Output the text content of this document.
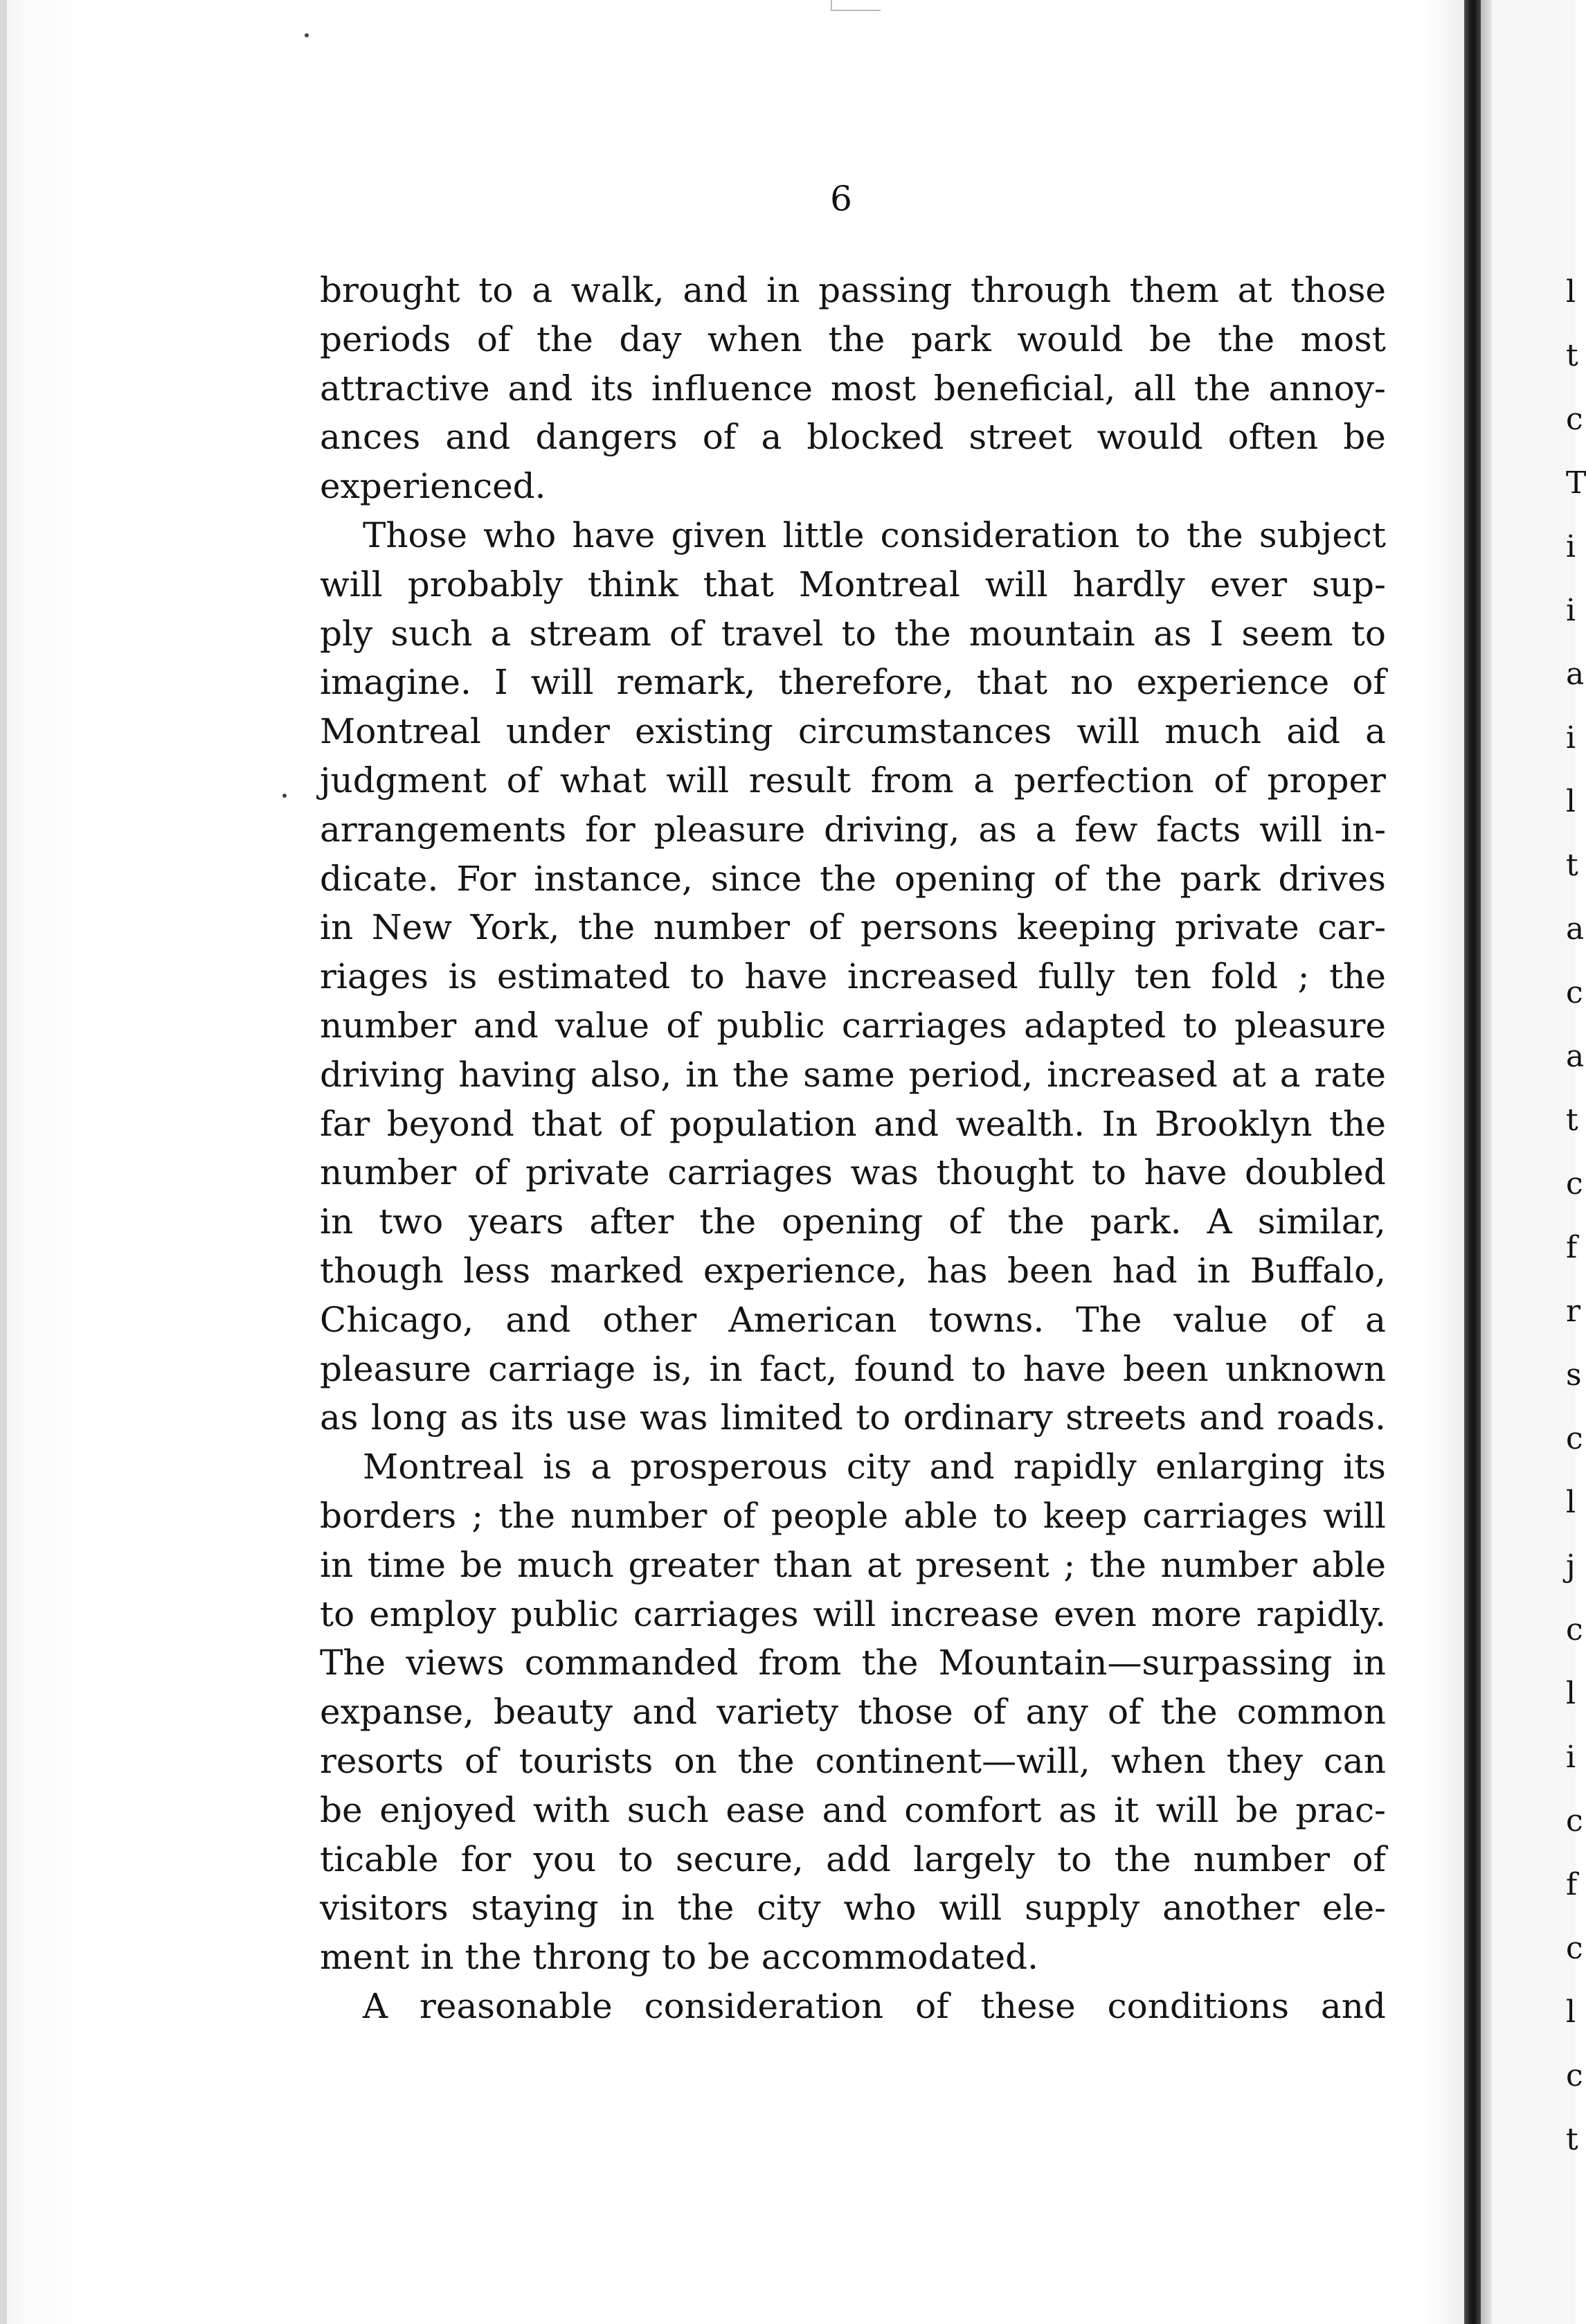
l
t
c
T
i
i
a
i
l
t
a
c
a
t
c
f
r
s
c
l
j
c
l
i
c
f
c
l
c
t
6
brought to a walk, and in passing through them at those
periods of the day when the park would be the most
attractive and its influence most beneficial, all the annoy-
ances and dangers of a blocked street would often be
experienced.
Those who have given little consideration to the subject
will probably think that Montreal will hardly ever sup-
ply such a stream of travel to the mountain as I seem to
imagine. I will remark, therefore, that no experience of
Montreal under existing circumstances will much aid a
judgment of what will result from a perfection of proper
arrangements for pleasure driving, as a few facts will in-
dicate. For instance, since the opening of the park drives
in New York, the number of persons keeping private car-
riages is estimated to have increased fully ten fold ; the
number and value of public carriages adapted to pleasure
driving having also, in the same period, increased at a rate
far beyond that of population and wealth. In Brooklyn the
number of private carriages was thought to have doubled
in two years after the opening of the park. A similar,
though less marked experience, has been had in Buffalo,
Chicago, and other American towns. The value of a
pleasure carriage is, in fact, found to have been unknown
as long as its use was limited to ordinary streets and roads.
Montreal is a prosperous city and rapidly enlarging its
borders ; the number of people able to keep carriages will
in time be much greater than at present ; the number able
to employ public carriages will increase even more rapidly.
The views commanded from the Mountain—surpassing in
expanse, beauty and variety those of any of the common
resorts of tourists on the continent—will, when they can
be enjoyed with such ease and comfort as it will be prac-
ticable for you to secure, add largely to the number of
visitors staying in the city who will supply another ele-
ment in the throng to be accommodated.
A reasonable consideration of these conditions and
